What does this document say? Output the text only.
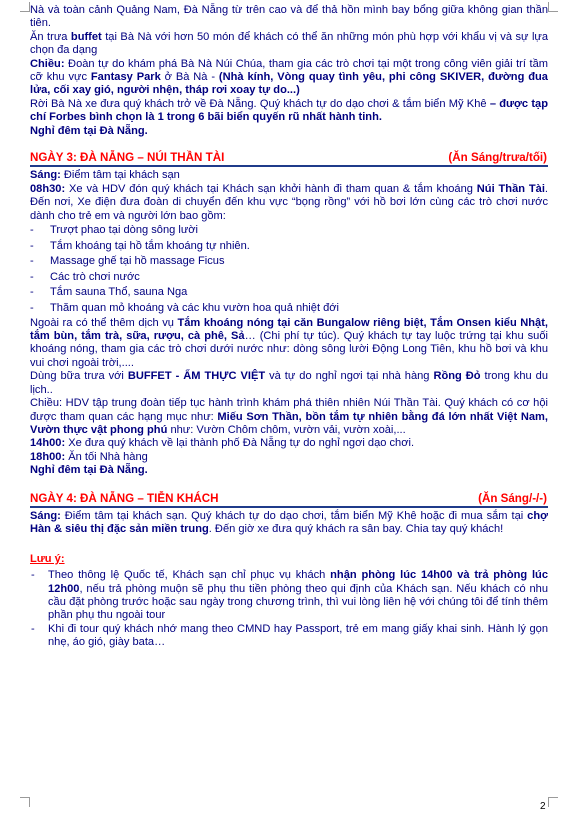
Nà và toàn cảnh Quảng Nam, Đà Nẵng từ trên cao và để thả hồn mình bay bổng giữa không gian thần tiên.

Ăn trưa buffet tại Bà Nà với hơn 50 món để khách có thể ăn những món phù hợp với khẩu vị và sự lựa chọn đa dạng

Chiều: Đoàn tự do khám phá Bà Nà Núi Chúa, tham gia các trò chơi tại một trong công viên giải trí tầm cỡ khu vực Fantasy Park ở Bà Nà - (Nhà kính, Vòng quay tình yêu, phi công SKIVER, đường đua lửa, cối xay gió, người nhện, tháp rơi xoay tự do...)

Rời Bà Nà xe đưa quý khách trở về Đà Nẵng. Quý khách tự do dạo chơi & tắm biển Mỹ Khê – được tạp chí Forbes bình chọn là 1 trong 6 bãi biển quyến rũ nhất hành tinh.

Nghỉ đêm tại Đà Nẵng.

NGÀY 3: ĐÀ NẴNG – NÚI THẦN TÀI	(Ăn Sáng/trưa/tối)

Sáng: Điểm tâm tại khách sạn

08h30: Xe và HDV đón quý khách tại Khách sạn khởi hành đi tham quan & tắm khoáng Núi Thần Tài. Đến nơi, Xe điện đưa đoàn di chuyển đến khu vực “bọng rồng” với hồ bơi lớn cùng các trò chơi nước dành cho trẻ em và người lớn bao gồm:

- Trượt phao tại dòng sông lười
- Tắm khoáng tại hồ tắm khoáng tự nhiên.
- Massage ghế tại hồ massage Ficus
- Các trò chơi nước
- Tắm sauna Thổ, sauna Nga
- Thăm quan mỏ khoáng và các khu vườn hoa quả nhiệt đới

Ngoài ra có thể thêm dịch vụ Tắm khoáng nóng tại căn Bungalow riêng biệt, Tắm Onsen kiểu Nhật, tắm bùn, tắm trà, sữa, rượu, cà phê, Sả… (Chi phí tự túc). Quý khách tự tay luộc trứng tại khu suối khoáng nóng, tham gia các trò chơi dưới nước như: dòng sông lười Động Long Tiên, khu hồ bơi và khu vui chơi ngoài trời,....

Dùng bữa trưa với BUFFET - ẨM THỰC VIỆT và tự do nghỉ ngơi tại nhà hàng Rồng Đỏ trong khu du lịch..

Chiều: HDV tập trung đoàn tiếp tục hành trình khám phá thiên nhiên Núi Thần Tài. Quý khách có cơ hội được tham quan các hạng mục như: Miếu Sơn Thần, bồn tắm tự nhiên bằng đá lớn nhất Việt Nam, Vườn thực vật phong phú như: Vườn Chôm chôm, vườn vải, vườn xoài,...

14h00: Xe đưa quý khách về lại thành phố Đà Nẵng tự do nghỉ ngơi dạo chơi.

18h00: Ăn tối Nhà hàng

Nghỉ đêm tại Đà Nẵng.

NGÀY 4: ĐÀ NẴNG – TIỄN KHÁCH	(Ăn Sáng/-/-)

Sáng: Điểm tâm tại khách sạn. Quý khách tự do dạo chơi, tắm biển Mỹ Khê hoặc đi mua sắm tại chợ Hàn & siêu thị đặc sản miền trung. Đến giờ xe đưa quý khách ra sân bay. Chia tay quý khách!

Lưu ý:
- Theo thông lệ Quốc tế, Khách sạn chỉ phục vụ khách nhận phòng lúc 14h00 và trả phòng lúc 12h00, nếu trả phòng muộn sẽ phụ thu tiền phòng theo qui định của Khách sạn. Nếu khách có nhu cầu đặt phòng trước hoặc sau ngày trong chương trình, thì vui lòng liên hệ với chúng tôi để tính thêm phần phụ thu ngoài tour
- Khi đi tour quý khách nhớ mang theo CMND hay Passport, trẻ em mang giấy khai sinh. Hành lý gọn nhẹ, áo gió, giày bata…
2
